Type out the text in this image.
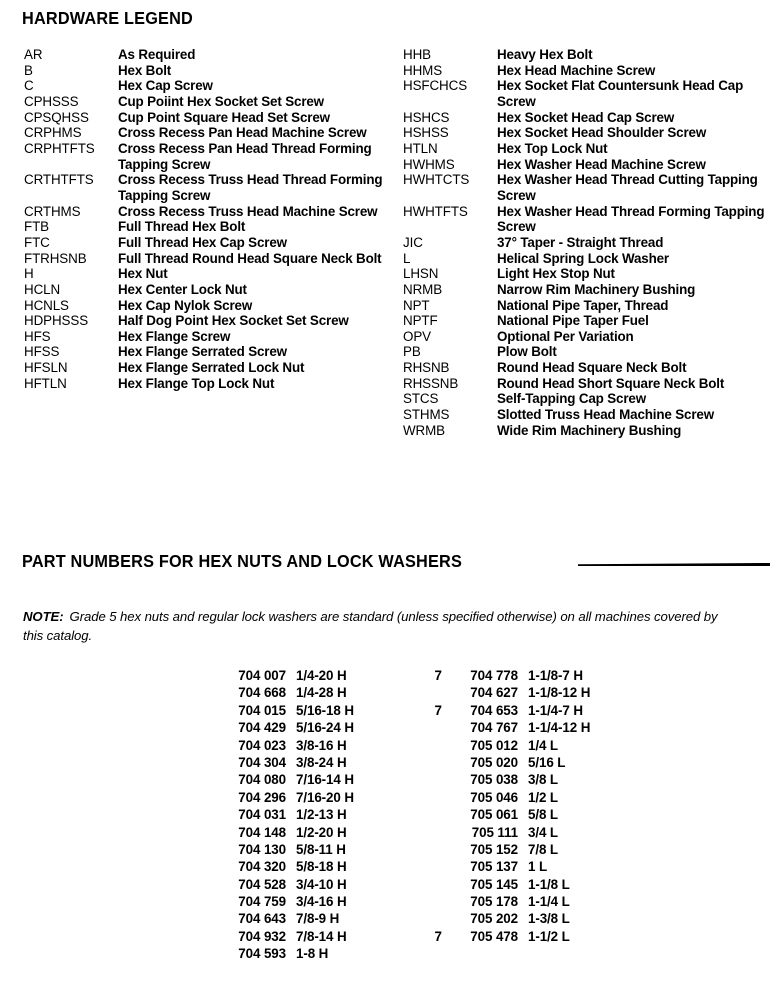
HARDWARE LEGEND
AR	As Required
B	Hex Bolt
C	Hex Cap Screw
CPHSSS	Cup Poiint Hex Socket Set Screw
CPSQHSS	Cup Point Square Head Set Screw
CRPHMS	Cross Recess Pan Head Machine Screw
CRPHTFTS	Cross Recess Pan Head Thread Forming Tapping Screw
CRTHTFTS	Cross Recess Truss Head Thread Forming Tapping Screw
CRTHMS	Cross Recess Truss Head Machine Screw
FTB	Full Thread Hex Bolt
FTC	Full Thread Hex Cap Screw
FTRHSNB	Full Thread Round Head Square Neck Bolt
H	Hex Nut
HCLN	Hex Center Lock Nut
HCNLS	Hex Cap Nylok Screw
HDPHSSS	Half Dog Point Hex Socket Set Screw
HFS	Hex Flange Screw
HFSS	Hex Flange Serrated Screw
HFSLN	Hex Flange Serrated Lock Nut
HFTLN	Hex Flange Top Lock Nut
HHB	Heavy Hex Bolt
HHMS	Hex Head Machine Screw
HSFCHCS	Hex Socket Flat Countersunk Head Cap Screw
HSHCS	Hex Socket Head Cap Screw
HSHSS	Hex Socket Head Shoulder Screw
HTLN	Hex Top Lock Nut
HWHMS	Hex Washer Head Machine Screw
HWHTCTS	Hex Washer Head Thread Cutting Tapping Screw
HWHTFTS	Hex Washer Head Thread Forming Tapping Screw
JIC	37° Taper - Straight Thread
L	Helical Spring Lock Washer
LHSN	Light Hex Stop Nut
NRMB	Narrow Rim Machinery Bushing
NPT	National Pipe Taper, Thread
NPTF	National Pipe Taper Fuel
OPV	Optional Per Variation
PB	Plow Bolt
RHSNB	Round Head Square Neck Bolt
RHSSNB	Round Head Short Square Neck Bolt
STCS	Self-Tapping Cap Screw
STHMS	Slotted Truss Head Machine Screw
WRMB	Wide Rim Machinery Bushing
PART NUMBERS FOR HEX NUTS AND LOCK WASHERS
NOTE: Grade 5 hex nuts and regular lock washers are standard (unless specified otherwise) on all machines covered by this catalog.
704 007 1/4-20 H
704 668 1/4-28 H
704 015 5/16-18 H
704 429 5/16-24 H
704 023 3/8-16 H
704 304 3/8-24 H
704 080 7/16-14 H
704 296 7/16-20 H
704 031 1/2-13 H
704 148 1/2-20 H
704 130 5/8-11 H
704 320 5/8-18 H
704 528 3/4-10 H
704 759 3/4-16 H
704 643 7/8-9 H
704 932 7/8-14 H
704 593 1-8 H
7	704 778 1-1/8-7 H
704 627 1-1/8-12 H
7	704 653 1-1/4-7 H
704 767 1-1/4-12 H
705 012 1/4 L
705 020 5/16 L
705 038 3/8 L
705 046 1/2 L
705 061 5/8 L
705 111 3/4 L
705 152 7/8 L
705 137 1 L
705 145 1-1/8 L
705 178 1-1/4 L
705 202 1-3/8 L
7	705 478 1-1/2 L
